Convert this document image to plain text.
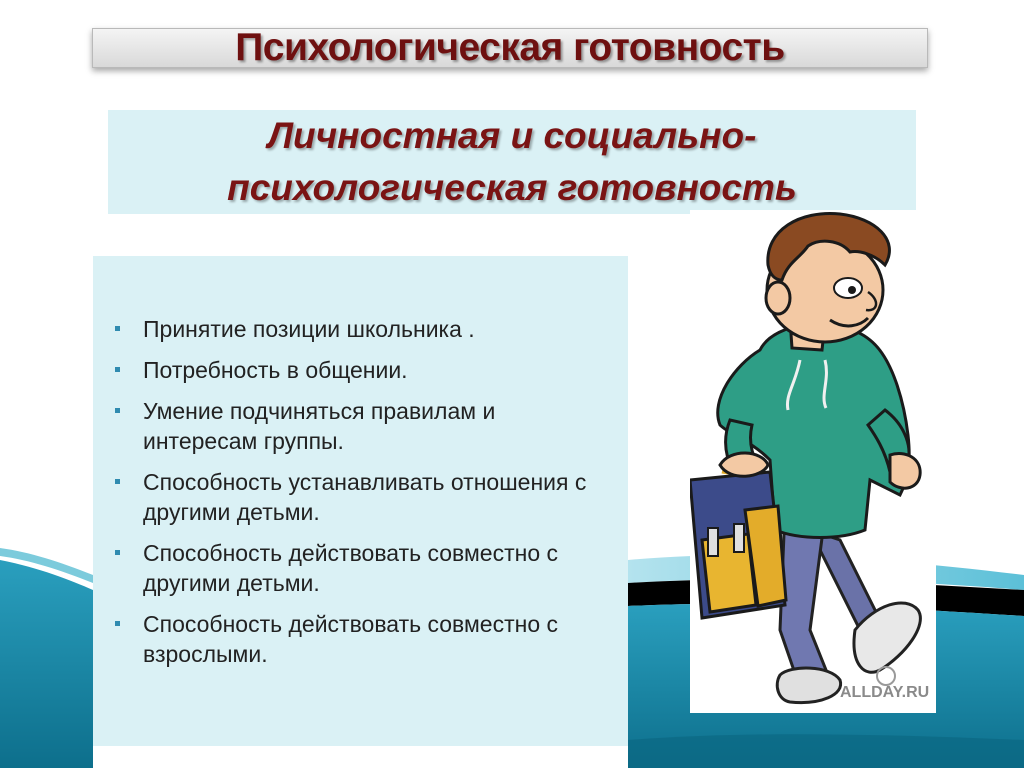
Психологическая готовность
Личностная и социально-психологическая готовность
Принятие позиции школьника .
Потребность в общении.
Умение подчиняться правилам и интересам группы.
Способность устанавливать отношения с другими детьми.
Способность действовать совместно с другими детьми.
Способность действовать совместно с взрослыми.
ALLDAY.RU
